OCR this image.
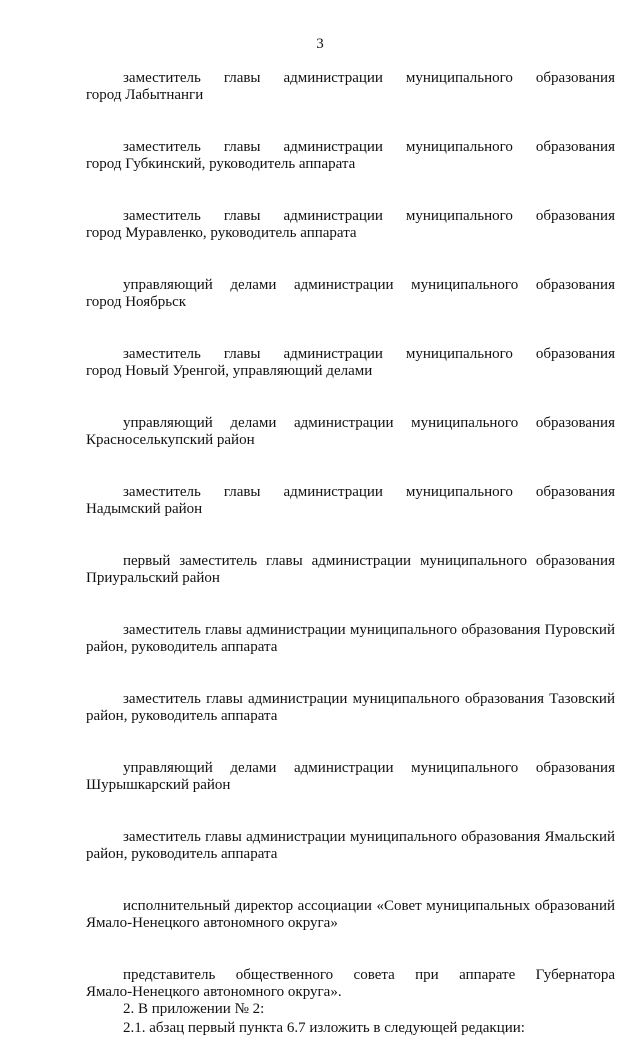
3

заместитель главы администрации муниципального образования

город Лабытнанги

заместитель главы администрации муниципального образования

город Губкинский, руководитель аппарата

заместитель главы администрации муниципального образования

город Муравленко, руководитель аппарата

управляющий делами администрации муниципального образования

город Ноябрьск

заместитель главы администрации муниципального образования

город Новый Уренгой, управляющий делами

управляющий делами администрации муниципального образования

Красноселькупский район

заместитель главы администрации муниципального образования

Надымский район

первый заместитель главы администрации муниципального образования

Приуральский район

заместитель главы администрации муниципального образования Пуровский

район, руководитель аппарата

заместитель главы администрации муниципального образования Тазовский

район, руководитель аппарата

управляющий делами администрации муниципального образования

Шурышкарский район

заместитель главы администрации муниципального образования Ямальский

район, руководитель аппарата

исполнительный директор ассоциации «Совет муниципальных образований

Ямало-Ненецкого автономного округа»

представитель общественного совета при аппарате Губернатора

Ямало-Ненецкого автономного округа».

2. В приложении № 2:

2.1. абзац первый пункта 6.7 изложить в следующей редакции:
